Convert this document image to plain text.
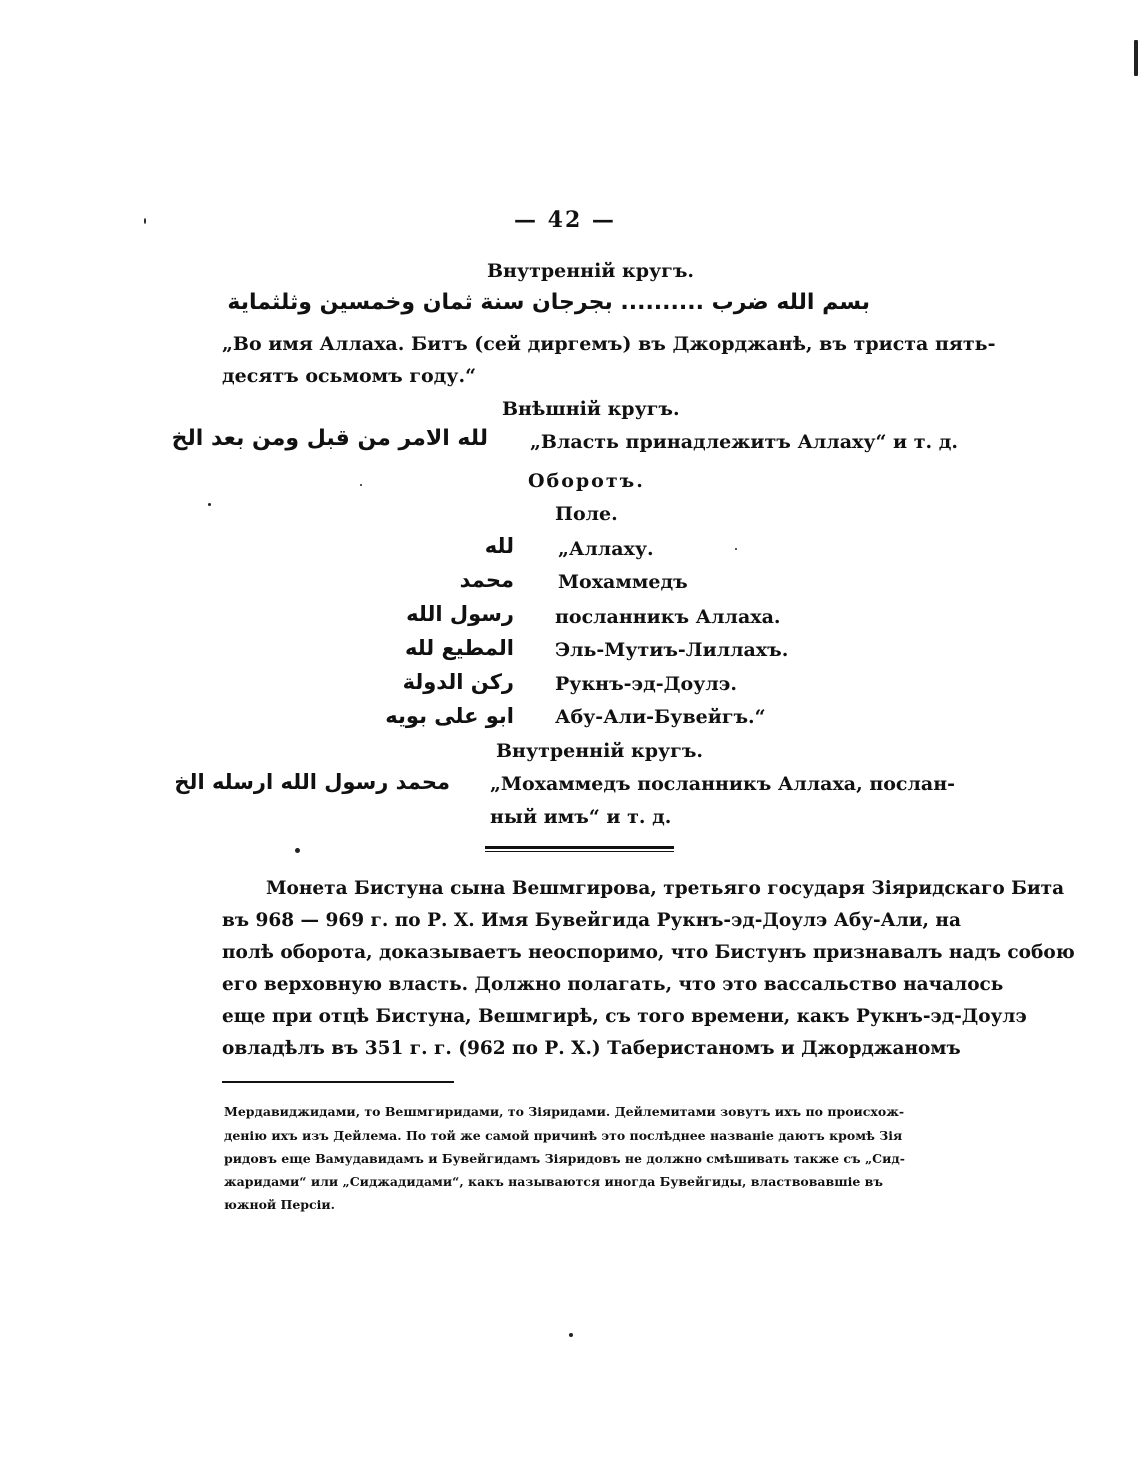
— 42 —
Внутренній кругъ.
بسم الله ضرب .......... بجرجان سنة ثمان وخمسين وثلثماية
„Во имя Аллаха. Битъ (сей диргемъ) въ Джорджанѣ, въ триста пять-
десятъ осьмомъ году.“
Внѣшній кругъ.
لله الامر من قبل ومن بعد الخ „Власть принадлежитъ Аллаху“ и т. д.
Оборотъ.
Поле.
لله „Аллаху.
محمد Мохаммедъ
رسول الله посланникъ Аллаха.
المطيع لله Эль-Мутиъ-Лиллахъ.
ركن الدولة Рукнъ-эд-Доулэ.
ابو على بويه Абу-Али-Бувейгъ.“
Внутренній кругъ.
محمد رسول الله ارسله الخ „Мохаммедъ посланникъ Аллаха, послан-
ный имъ“ и т. д.
Монета Бистуна сына Вешмгирова, третьяго государя Зіяридскаго Бита
въ 968 — 969 г. по Р. Х. Имя Бувейгида Рукнъ-эд-Доулэ Абу-Али, на
полѣ оборота, доказываетъ неоспоримо, что Бистунъ признавалъ надъ собою
его верховную власть. Должно полагать, что это вассальство началось
еще при отцѣ Бистуна, Вешмгирѣ, съ того времени, какъ Рукнъ-эд-Доулэ
овладѣлъ въ 351 г. г. (962 по Р. Х.) Таберистаномъ и Джорджаномъ
Мердавиджидами, то Вешмгиридами, то Зіяридами. Дейлемитами зовутъ ихъ по происхож-
денію ихъ изъ Дейлема. По той же самой причинѣ это послѣднее названіе даютъ кромѣ Зія
ридовъ еще Вамудавидамъ и Бувейгидамъ Зіяридовъ не должно смѣшивать также съ „Сид-
жаридами“ или „Сиджадидами“, какъ называются иногда Бувейгиды, властвовавшіе въ
южной Персіи.
